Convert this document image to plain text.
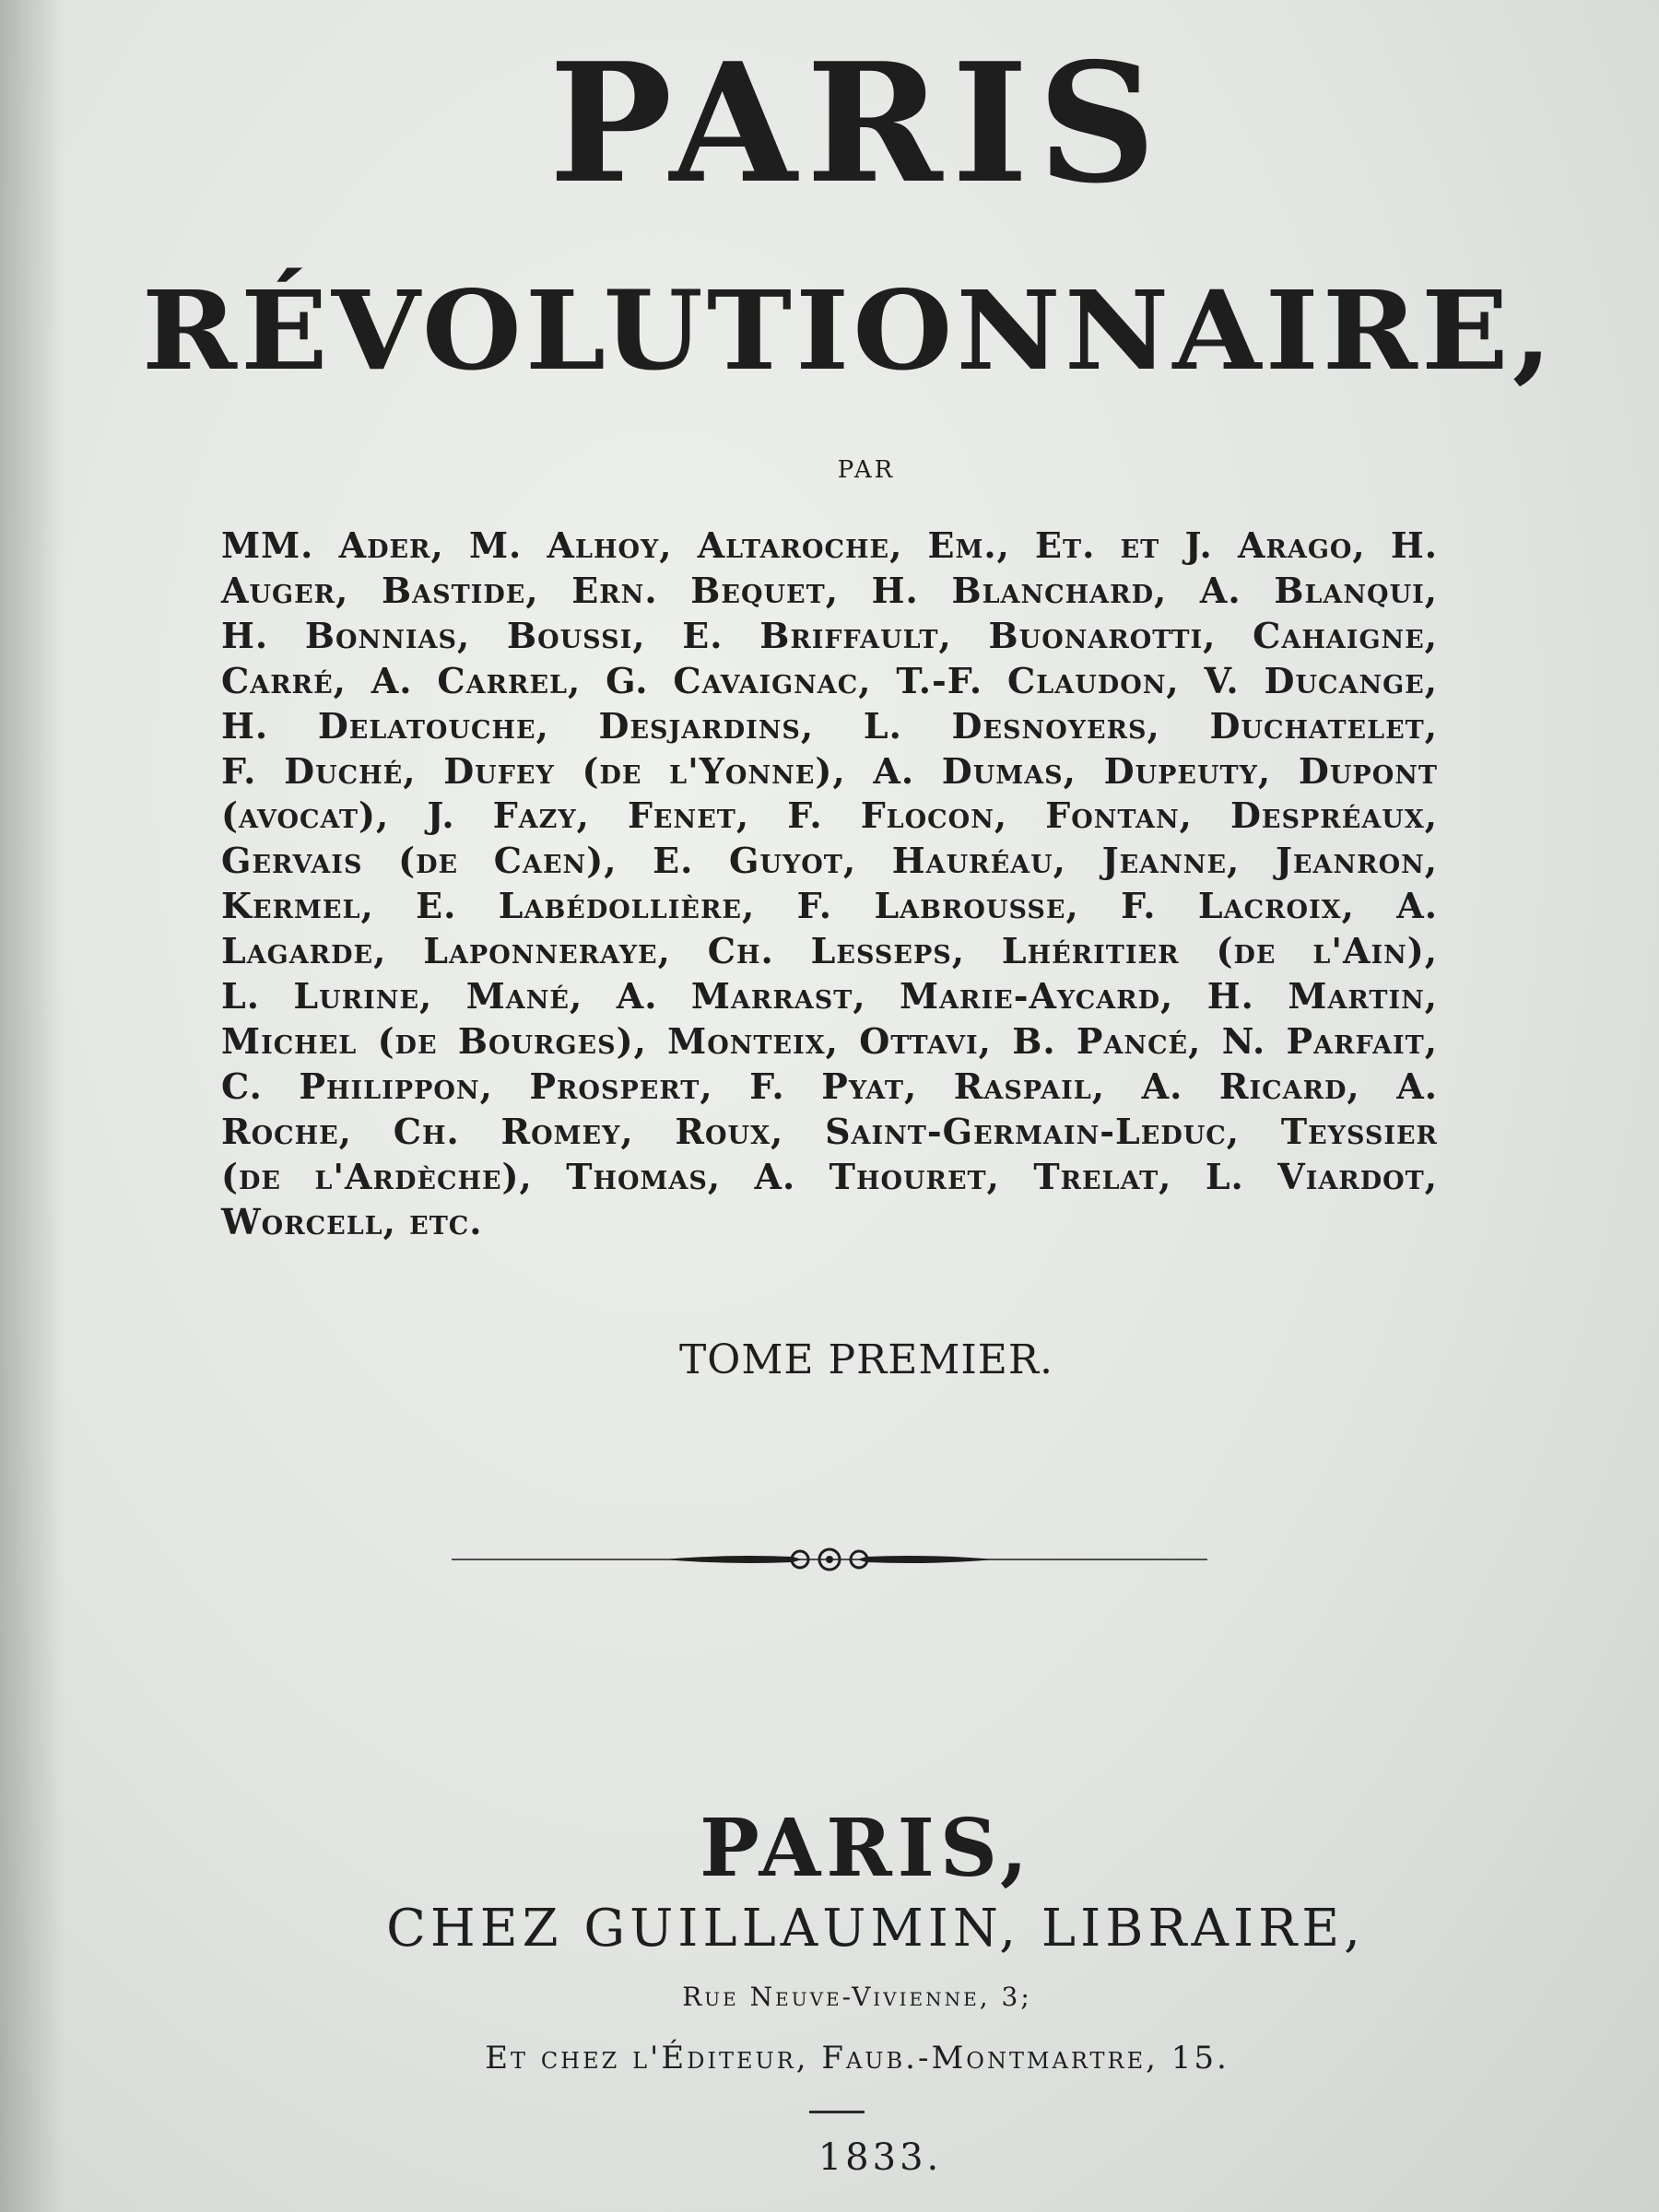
PARIS
RÉVOLUTIONNAIRE,
PAR
MM. Ader, M. Alhoy, Altaroche, Em., Et. et J. Arago, H.
Auger, Bastide, Ern. Bequet, H. Blanchard, A. Blanqui,
H. Bonnias, Boussi, E. Briffault, Buonarotti, Cahaigne,
Carré, A. Carrel, G. Cavaignac, T.-F. Claudon, V. Ducange,
H. Delatouche, Desjardins, L. Desnoyers, Duchatelet,
F. Duché, Dufey (de l'Yonne), A. Dumas, Dupeuty, Dupont
(avocat), J. Fazy, Fenet, F. Flocon, Fontan, Despréaux,
Gervais (de Caen), E. Guyot, Hauréau, Jeanne, Jeanron,
Kermel, E. Labédollière, F. Labrousse, F. Lacroix, A.
Lagarde, Laponneraye, Ch. Lesseps, Lhéritier (de l'Ain),
L. Lurine, Mané, A. Marrast, Marie-Aycard, H. Martin,
Michel (de Bourges), Monteix, Ottavi, B. Pancé, N. Parfait,
C. Philippon, Prospert, F. Pyat, Raspail, A. Ricard, A.
Roche, Ch. Romey, Roux, Saint-Germain-Leduc, Teyssier
(de l'Ardèche), Thomas, A. Thouret, Trelat, L. Viardot,
Worcell, etc.
TOME PREMIER.
PARIS,
CHEZ GUILLAUMIN, LIBRAIRE,
Rue Neuve-Vivienne, 3;
Et chez l'Éditeur, Faub.-Montmartre, 15.
1833.
